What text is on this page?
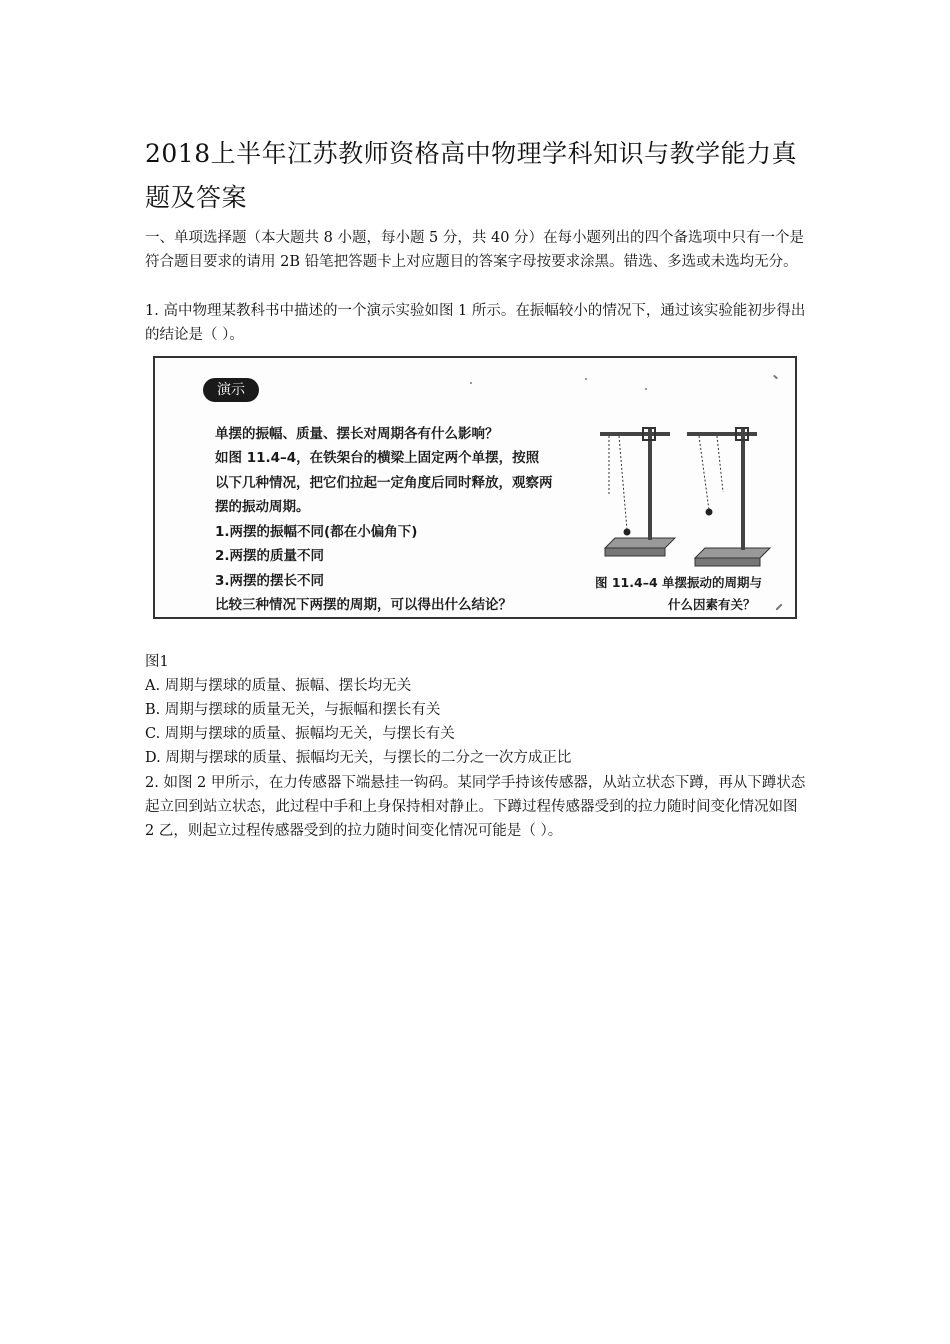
2018上半年江苏教师资格高中物理学科知识与教学能力真题及答案

一、单项选择题（本大题共 8 小题，每小题 5 分，共 40 分）在每小题列出的四个备选项中只有一个是符合题目要求的请用 2B 铅笔把答题卡上对应题目的答案字母按要求涂黑。错选、多选或未选均无分。

1. 高中物理某教科书中描述的一个演示实验如图 1 所示。在振幅较小的情况下，通过该实验能初步得出的结论是（ ）。

演示

单摆的振幅、质量、摆长对周期各有什么影响？

如图 11.4–4，在铁架台的横梁上固定两个单摆，按照

以下几种情况，把它们拉起一定角度后同时释放，观察两

摆的振动周期。

1.两摆的振幅不同(都在小偏角下)

2.两摆的质量不同

3.两摆的摆长不同

比较三种情况下两摆的周期，可以得出什么结论？

图 11.4–4 单摆振动的周期与
什么因素有关？

图1

A. 周期与摆球的质量、振幅、摆长均无关

B. 周期与摆球的质量无关，与振幅和摆长有关

C. 周期与摆球的质量、振幅均无关，与摆长有关

D. 周期与摆球的质量、振幅均无关，与摆长的二分之一次方成正比

2. 如图 2 甲所示，在力传感器下端悬挂一钩码。某同学手持该传感器，从站立状态下蹲，再从下蹲状态起立回到站立状态，此过程中手和上身保持相对静止。下蹲过程传感器受到的拉力随时间变化情况如图 2 乙，则起立过程传感器受到的拉力随时间变化情况可能是（ ）。
